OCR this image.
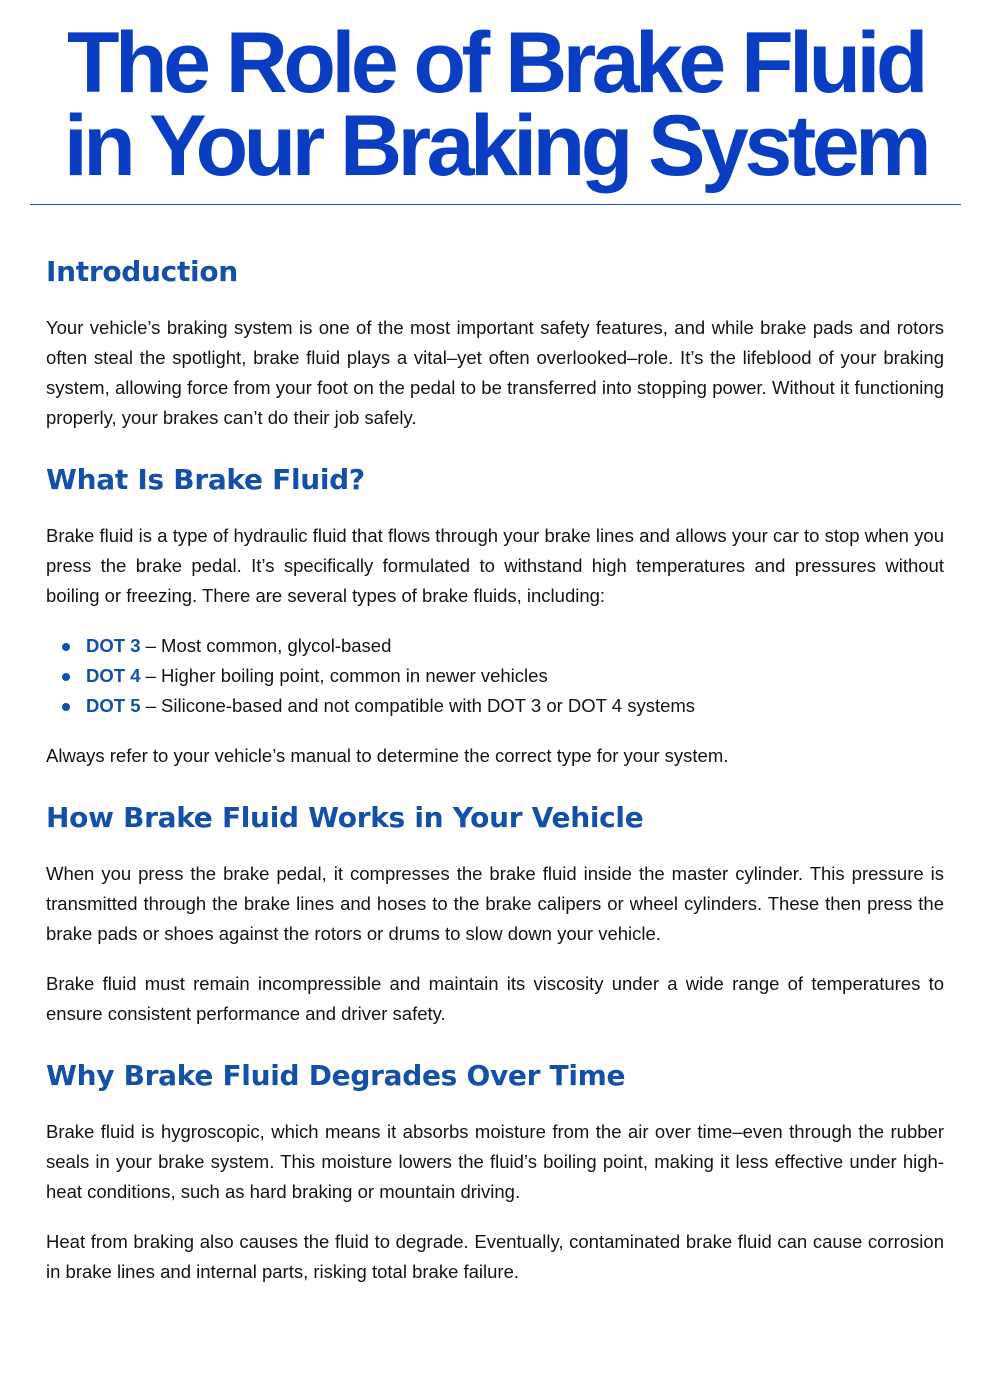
The Role of Brake Fluid
in Your Braking System
Introduction

Your vehicle’s braking system is one of the most important safety features, and while brake pads and rotors often steal the spotlight, brake fluid plays a vital–yet often overlooked–role. It’s the lifeblood of your braking system, allowing force from your foot on the pedal to be transferred into stopping power. Without it functioning properly, your brakes can’t do their job safely.

What Is Brake Fluid?

Brake fluid is a type of hydraulic fluid that flows through your brake lines and allows your car to stop when you press the brake pedal. It’s specifically formulated to withstand high temperatures and pressures without boiling or freezing. There are several types of brake fluids, including:

DOT 3 – Most common, glycol-based
DOT 4 – Higher boiling point, common in newer vehicles
DOT 5 – Silicone-based and not compatible with DOT 3 or DOT 4 systems

Always refer to your vehicle’s manual to determine the correct type for your system.

How Brake Fluid Works in Your Vehicle

When you press the brake pedal, it compresses the brake fluid inside the master cylinder. This pressure is transmitted through the brake lines and hoses to the brake calipers or wheel cylinders. These then press the brake pads or shoes against the rotors or drums to slow down your vehicle.

Brake fluid must remain incompressible and maintain its viscosity under a wide range of temperatures to ensure consistent performance and driver safety.

Why Brake Fluid Degrades Over Time

Brake fluid is hygroscopic, which means it absorbs moisture from the air over time–even through the rubber seals in your brake system. This moisture lowers the fluid’s boiling point, making it less effective under high-heat conditions, such as hard braking or mountain driving.

Heat from braking also causes the fluid to degrade. Eventually, contaminated brake fluid can cause corrosion in brake lines and internal parts, risking total brake failure.
